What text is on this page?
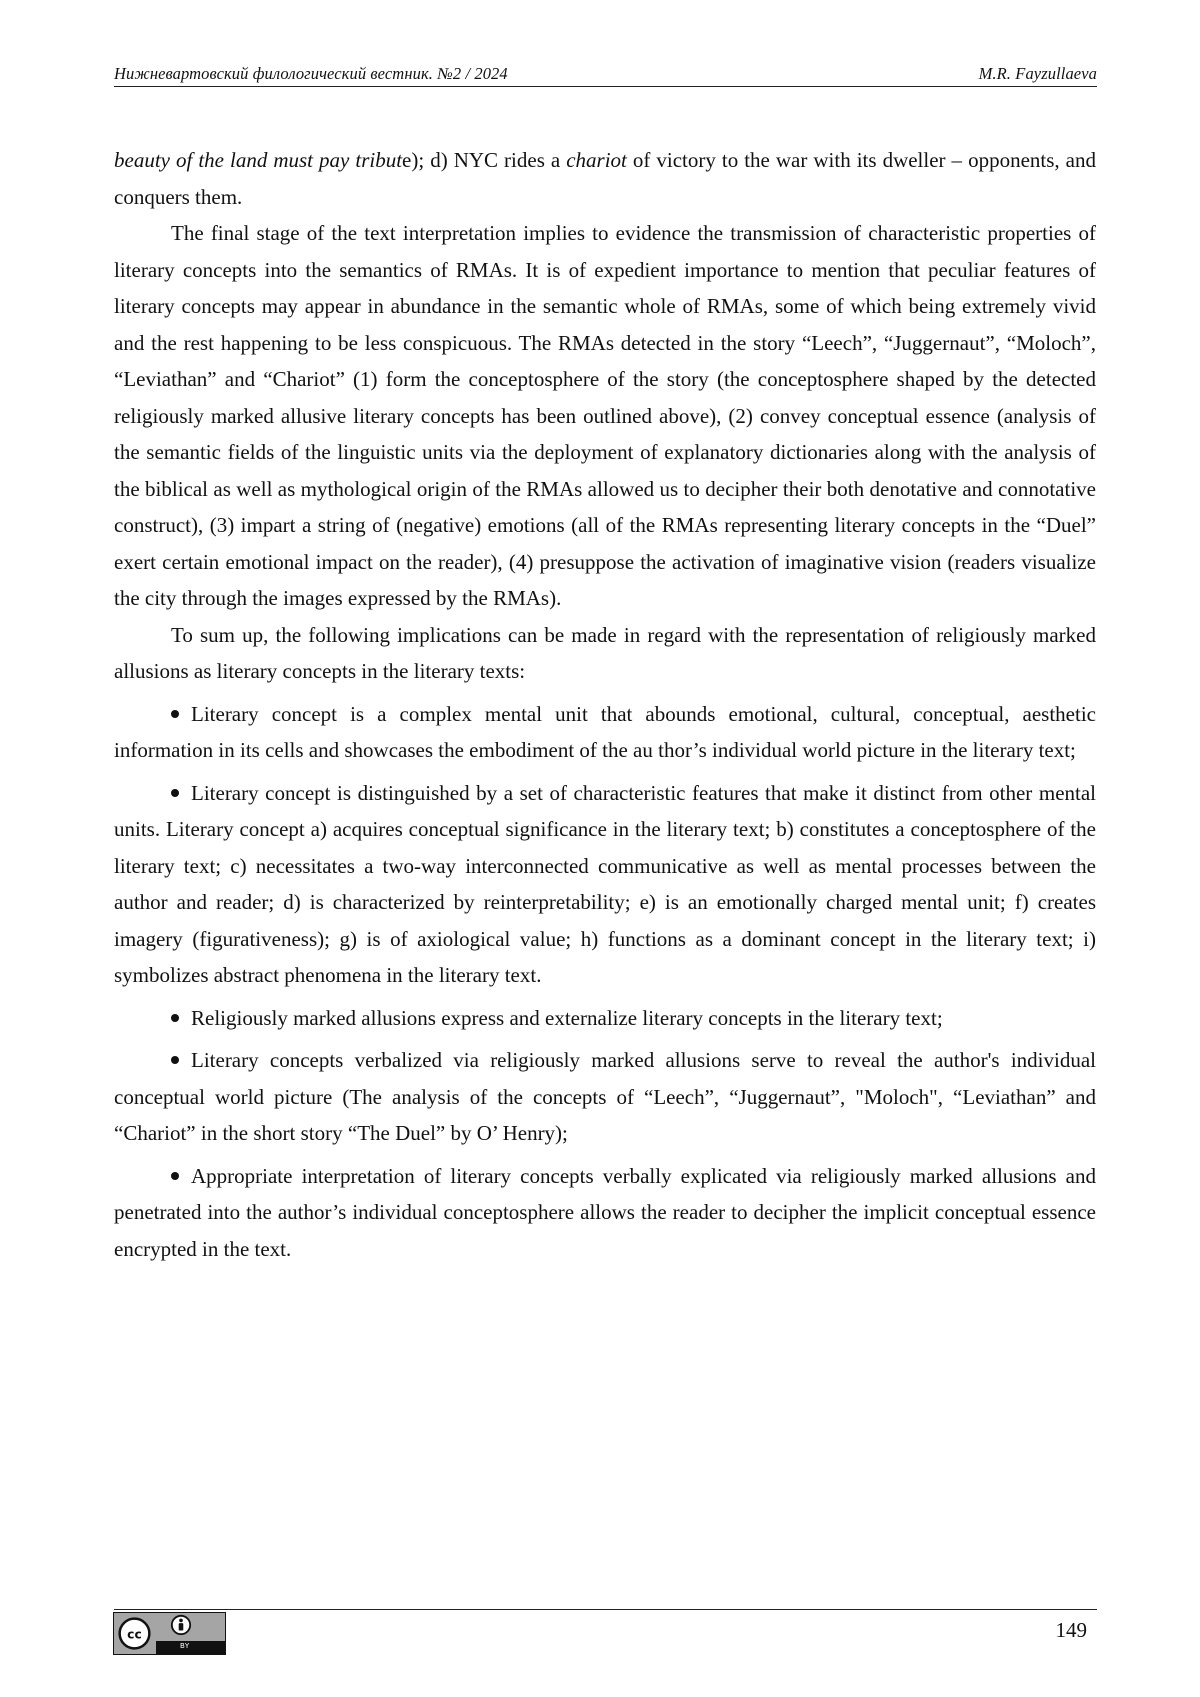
Нижневартовский филологический вестник. №2 / 2024	M.R. Fayzullaeva

beauty of the land must pay tribute); d) NYC rides a chariot of victory to the war with its dweller – opponents, and conquers them.

The final stage of the text interpretation implies to evidence the transmission of characteristic properties of literary concepts into the semantics of RMAs. It is of expedient importance to mention that peculiar features of literary concepts may appear in abundance in the semantic whole of RMAs, some of which being extremely vivid and the rest happening to be less conspicuous. The RMAs detected in the story “Leech”, “Juggernaut”, “Moloch”, “Leviathan” and “Chariot” (1) form the conceptosphere of the story (the conceptosphere shaped by the detected religiously marked allusive literary concepts has been outlined above), (2) convey conceptual essence (analysis of the semantic fields of the linguistic units via the deployment of explanatory dictionaries along with the analysis of the biblical as well as mythological origin of the RMAs allowed us to decipher their both denotative and connotative construct), (3) impart a string of (negative) emotions (all of the RMAs representing literary concepts in the “Duel” exert certain emotional impact on the reader), (4) presuppose the activation of imaginative vision (readers visualize the city through the images expressed by the RMAs).

To sum up, the following implications can be made in regard with the representation of religiously marked allusions as literary concepts in the literary texts:

Literary concept is a complex mental unit that abounds emotional, cultural, conceptual, aesthetic information in its cells and showcases the embodiment of the au thor’s individual world picture in the literary text;

Literary concept is distinguished by a set of characteristic features that make it distinct from other mental units. Literary concept a) acquires conceptual significance in the literary text; b) constitutes a conceptosphere of the literary text; c) necessitates a two-way interconnected communicative as well as mental processes between the author and reader; d) is characterized by reinterpretability; e) is an emotionally charged mental unit; f) creates imagery (figurativeness); g) is of axiological value; h) functions as a dominant concept in the literary text; i) symbolizes abstract phenomena in the literary text.

Religiously marked allusions express and externalize literary concepts in the literary text;

Literary concepts verbalized via religiously marked allusions serve to reveal the author's individual conceptual world picture (The analysis of the concepts of “Leech”, “Juggernaut”, "Moloch", “Leviathan” and “Chariot” in the short story “The Duel” by O’ Henry);

Appropriate interpretation of literary concepts verbally explicated via religiously marked allusions and penetrated into the author’s individual conceptosphere allows the reader to decipher the implicit conceptual essence encrypted in the text.

cc
BY
149
